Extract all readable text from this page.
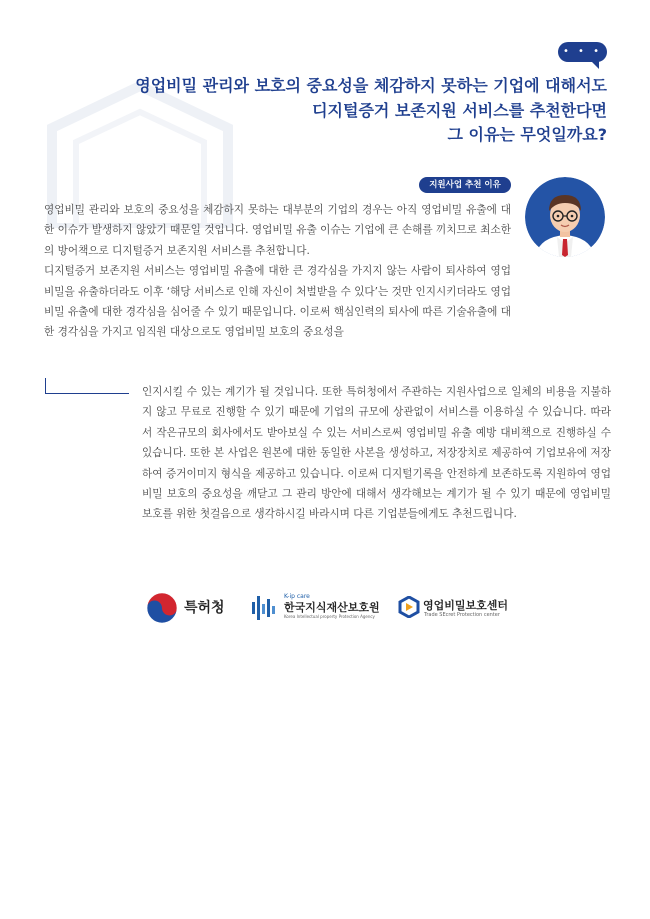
• • •
영업비밀 관리와 보호의 중요성을 체감하지 못하는 기업에 대해서도
디지털증거 보존지원 서비스를 추천한다면
그 이유는 무엇일까요?
지원사업 추천 이유

영업비밀 관리와 보호의 중요성을 체감하지 못하는 대부분의 기업의 경우는 아직 영업비밀 유출에 대한 이슈가 발생하지 않았기 때문일 것입니다. 영업비밀 유출 이슈는 기업에 큰 손해를 끼치므로 최소한의 방어책으로 디지털증거 보존지원 서비스를 추천합니다.

디지털증거 보존지원 서비스는 영업비밀 유출에 대한 큰 경각심을 가지지 않는 사람이 퇴사하여 영업비밀을 유출하더라도 이후 ‘해당 서비스로 인해 자신이 처벌받을 수 있다’는 것만 인지시키더라도 영업비밀 유출에 대한 경각심을 심어줄 수 있기 때문입니다. 이로써 핵심인력의 퇴사에 따른 기술유출에 대한 경각심을 가지고 임직원 대상으로도 영업비밀 보호의 중요성을

인지시킬 수 있는 계기가 될 것입니다. 또한 특허청에서 주관하는 지원사업으로 일체의 비용을 지불하지 않고 무료로 진행할 수 있기 때문에 기업의 규모에 상관없이 서비스를 이용하실 수 있습니다. 따라서 작은규모의 회사에서도 받아보실 수 있는 서비스로써 영업비밀 유출 예방 대비책으로 진행하실 수 있습니다. 또한 본 사업은 원본에 대한 동일한 사본을 생성하고, 저장장치로 제공하여 기업보유에 저장하여 증거이미지 형식을 제공하고 있습니다. 이로써 디지털기록을 안전하게 보존하도록 지원하여 영업비밀 보호의 중요성을 깨닫고 그 관리 방안에 대해서 생각해보는 계기가 될 수 있기 때문에 영업비밀 보호를 위한 첫걸음으로 생각하시길 바라시며 다른 기업분들에게도 추천드립니다.

특허청
K-ip care
한국지식재산보호원
Korea Intellectual property Protection Agency
영업비밀보호센터
Trade SEcret Protection center
